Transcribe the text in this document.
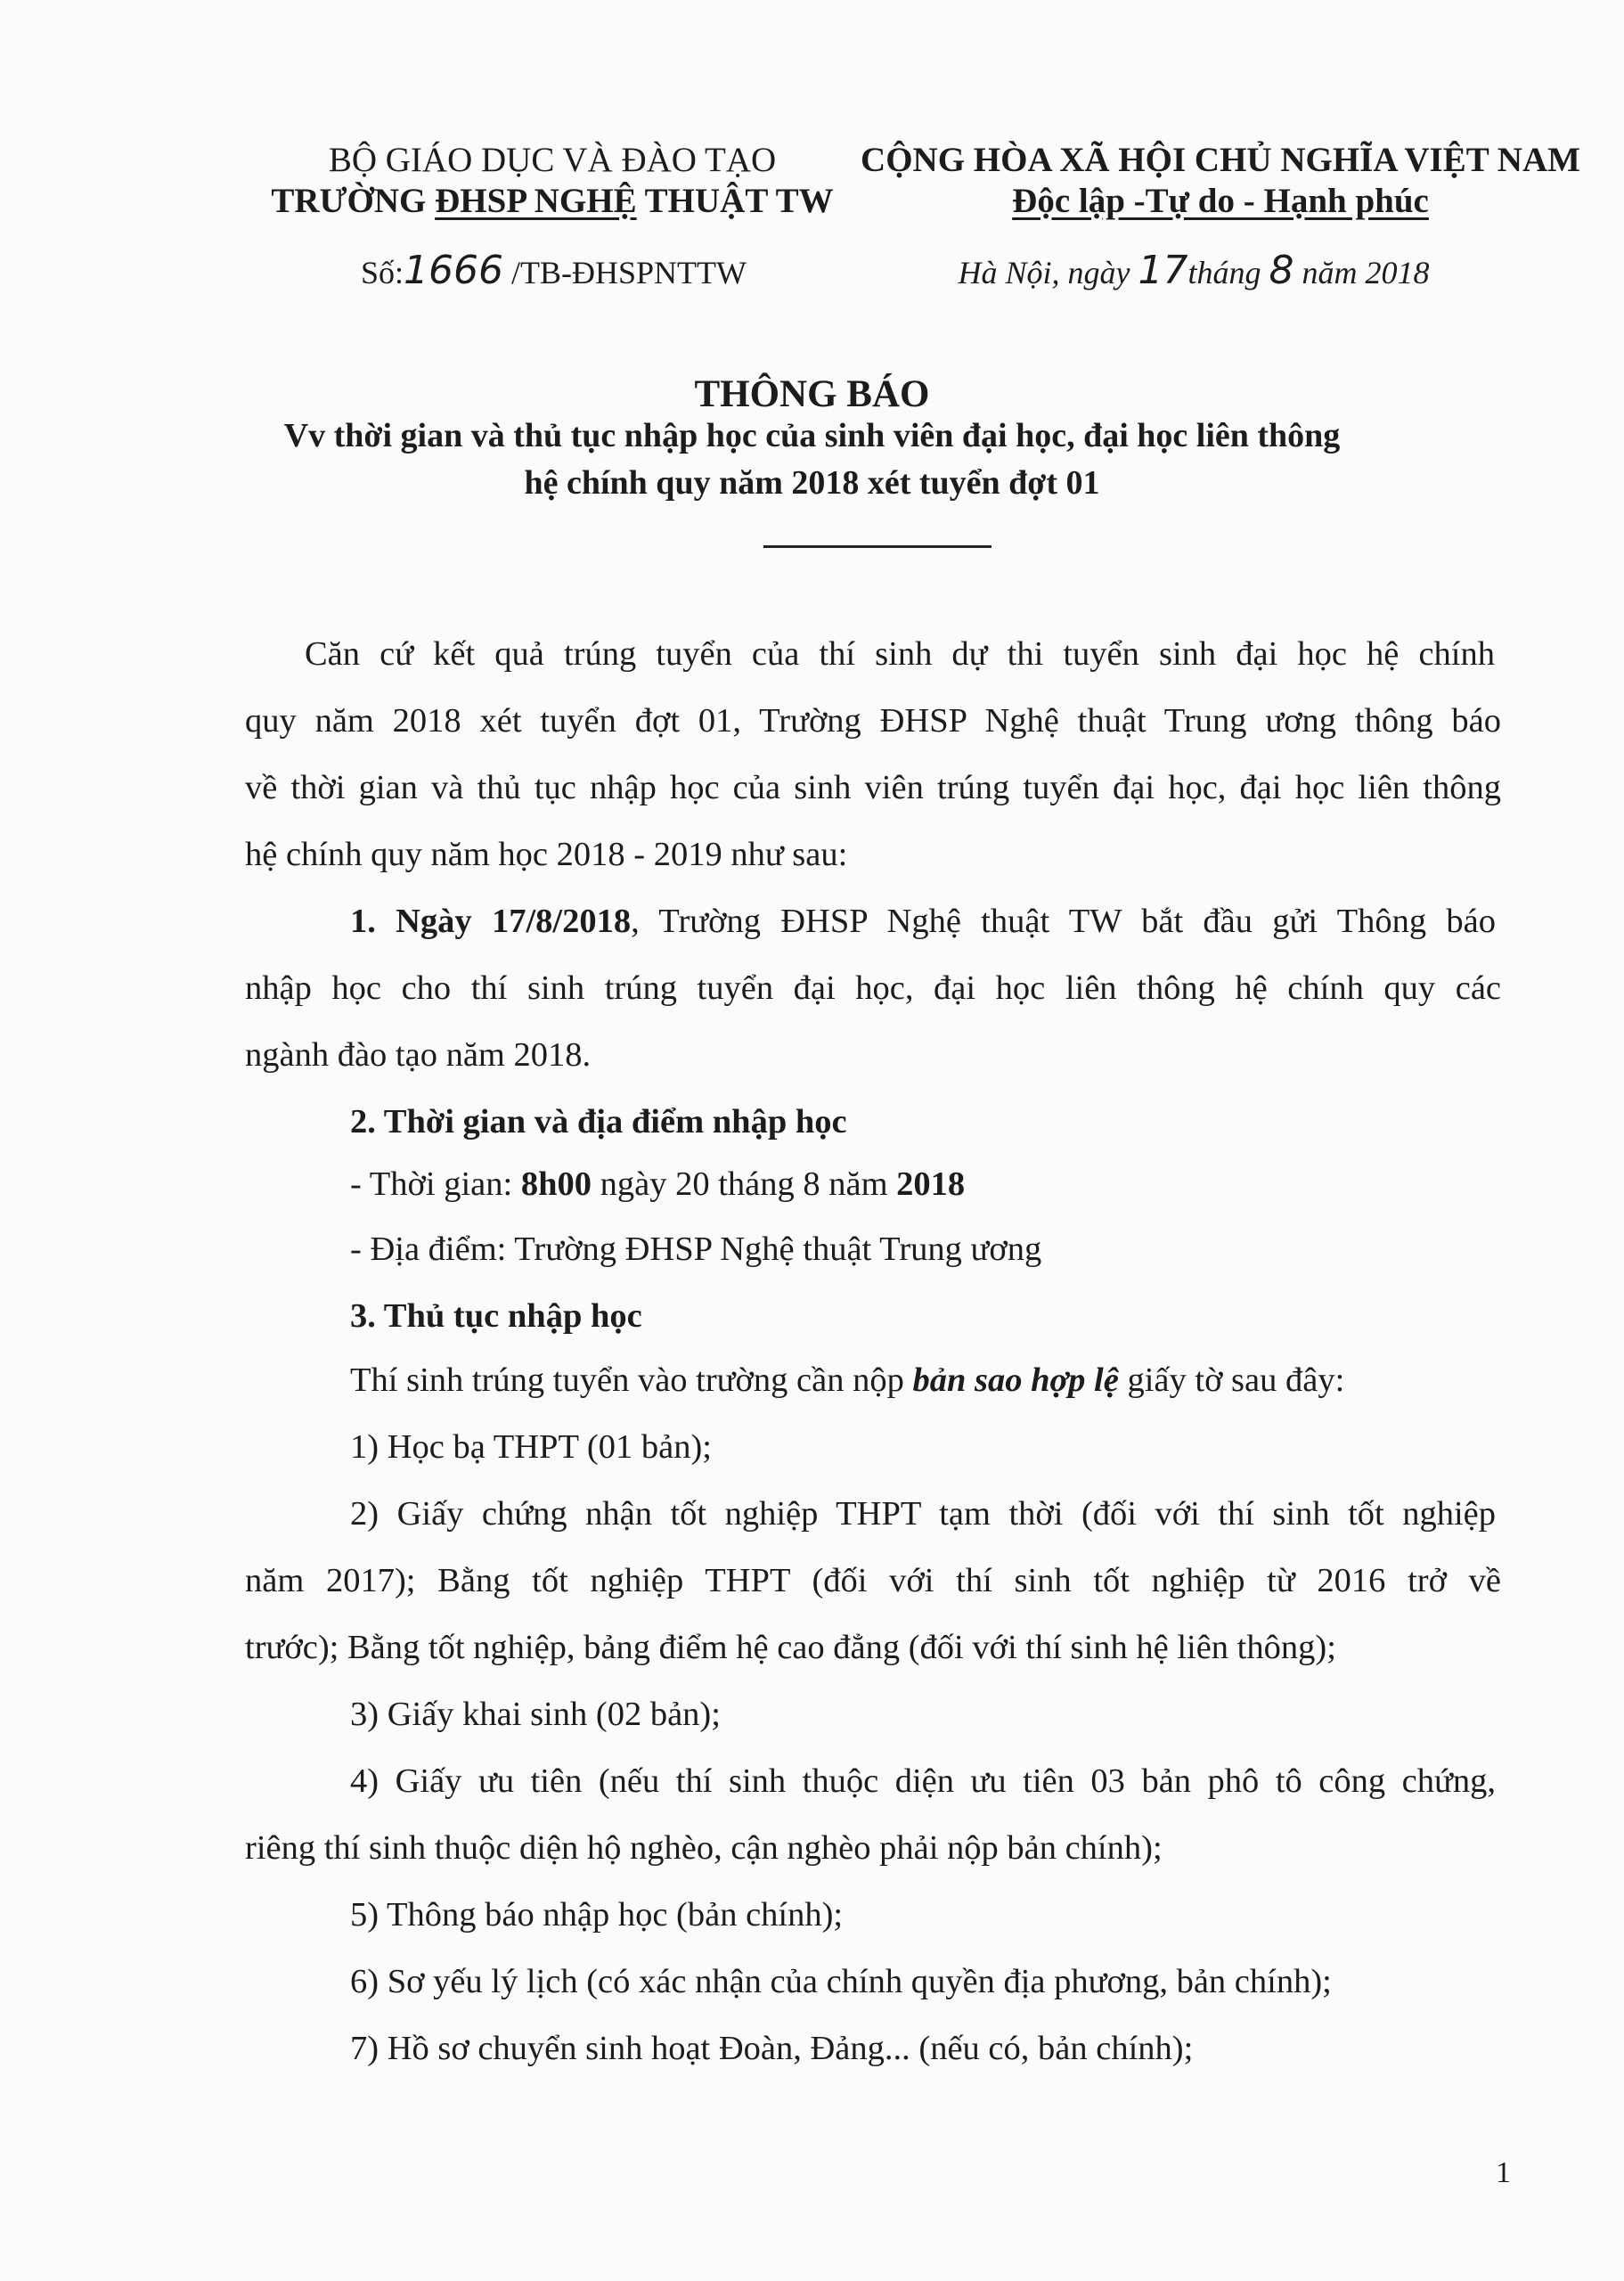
BỘ GIÁO DỤC VÀ ĐÀO TẠO
TRƯỜNG ĐHSP NGHỆ THUẬT TW
CỘNG HÒA XÃ HỘI CHỦ NGHĨA VIỆT NAM
Độc lập -Tự do - Hạnh phúc
Số:1666 /TB-ĐHSPNTTW	Hà Nội, ngày 17tháng 8 năm 2018
THÔNG BÁO
Vv thời gian và thủ tục nhập học của sinh viên đại học, đại học liên thông
hệ chính quy năm 2018 xét tuyển đợt 01
Căn cứ kết quả trúng tuyển của thí sinh dự thi tuyển sinh đại học hệ chính
quy năm 2018 xét tuyển đợt 01, Trường ĐHSP Nghệ thuật Trung ương thông báo
về thời gian và thủ tục nhập học của sinh viên trúng tuyển đại học, đại học liên thông
hệ chính quy năm học 2018 - 2019 như sau:
1. Ngày 17/8/2018, Trường ĐHSP Nghệ thuật TW bắt đầu gửi Thông báo
nhập học cho thí sinh trúng tuyển đại học, đại học liên thông hệ chính quy các
ngành đào tạo năm 2018.
2. Thời gian và địa điểm nhập học
- Thời gian: 8h00 ngày 20 tháng 8 năm 2018
- Địa điểm: Trường ĐHSP Nghệ thuật Trung ương
3. Thủ tục nhập học
Thí sinh trúng tuyển vào trường cần nộp bản sao hợp lệ giấy tờ sau đây:
1) Học bạ THPT (01 bản);
2) Giấy chứng nhận tốt nghiệp THPT tạm thời (đối với thí sinh tốt nghiệp
năm 2017); Bằng tốt nghiệp THPT (đối với thí sinh tốt nghiệp từ 2016 trở về
trước); Bằng tốt nghiệp, bảng điểm hệ cao đẳng (đối với thí sinh hệ liên thông);
3) Giấy khai sinh (02 bản);
4) Giấy ưu tiên (nếu thí sinh thuộc diện ưu tiên 03 bản phô tô công chứng,
riêng thí sinh thuộc diện hộ nghèo, cận nghèo phải nộp bản chính);
5) Thông báo nhập học (bản chính);
6) Sơ yếu lý lịch (có xác nhận của chính quyền địa phương, bản chính);
7) Hồ sơ chuyển sinh hoạt Đoàn, Đảng... (nếu có, bản chính);
1
